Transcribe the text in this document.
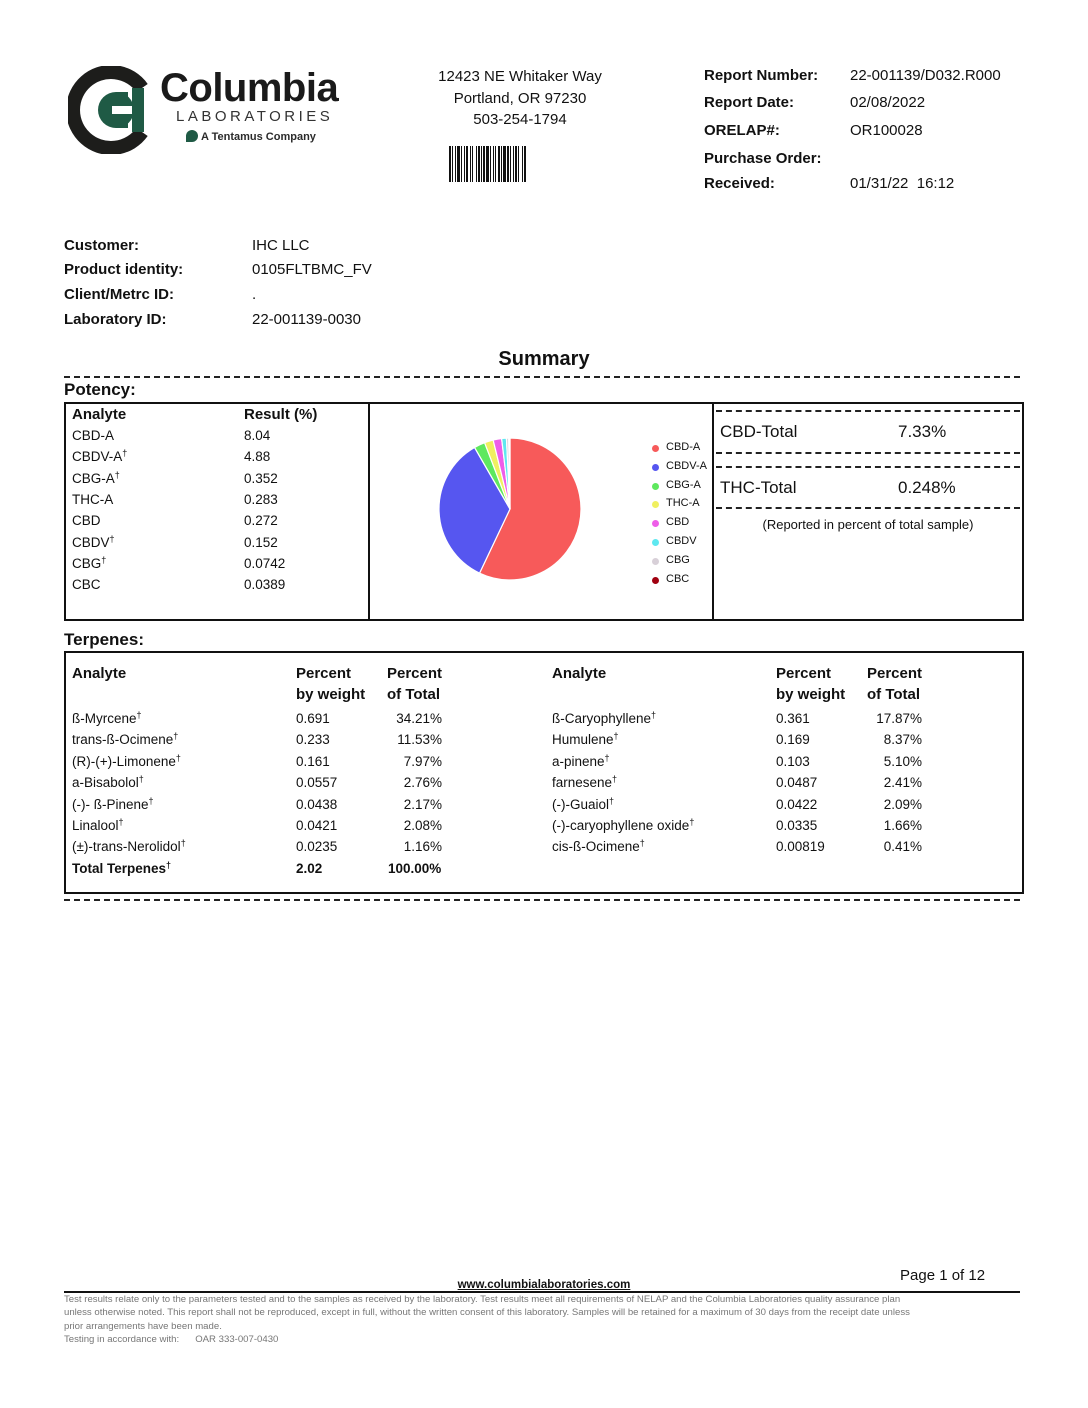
Columbia
LABORATORIES
A Tentamus Company
12423 NE Whitaker Way
Portland, OR 97230
503-254-1794
Report Number: 22-001139/D032.R000
Report Date:	02/08/2022
ORELAP#:	OR100028
Purchase Order:
Received:	01/31/22  16:12
Customer:	IHC LLC
Product identity:	0105FLTBMC_FV
Client/Metrc ID:	.
Laboratory ID:	22-001139-0030
Summary
Potency:
Analyte	Result (%)
CBD-A	8.04
CBDV-A†	4.88
CBG-A†	0.352
THC-A	0.283
CBD	0.272
CBDV†	0.152
CBG†	0.0742
CBC	0.0389
CBD-A
CBDV-A
CBG-A
THC-A
CBD
CBDV
CBG
CBC
CBD-Total	7.33%
THC-Total	0.248%
(Reported in percent of total sample)
Terpenes:
Analyte	Percent
by weight
Percent
of Total
Analyte	Percent
by weight
Percent
of Total
ß-Myrcene†	0.691	34.21%
trans-ß-Ocimene†	0.233	11.53%
(R)-(+)-Limonene†	0.161	7.97%
a-Bisabolol†	0.0557	2.76%
(-)- ß-Pinene†	0.0438	2.17%
Linalool†	0.0421	2.08%
(±)-trans-Nerolidol†	0.0235	1.16%
Total Terpenes†	2.02	100.00%
ß-Caryophyllene†	0.361	17.87%
Humulene†	0.169	8.37%
a-pinene†	0.103	5.10%
farnesene†	0.0487	2.41%
(-)-Guaiol†	0.0422	2.09%
(-)-caryophyllene oxide†	0.0335	1.66%
cis-ß-Ocimene†	0.00819	0.41%
Page 1 of 12
www.columbialaboratories.com
Test results relate only to the parameters tested and to the samples as received by the laboratory. Test results meet all requirements of NELAP and the Columbia Laboratories quality assurance plan
unless otherwise noted. This report shall not be reproduced, except in full, without the written consent of this laboratory. Samples will be retained for a maximum of 30 days from the receipt date unless
prior arrangements have been made.
Testing in accordance with: OAR 333-007-0430
